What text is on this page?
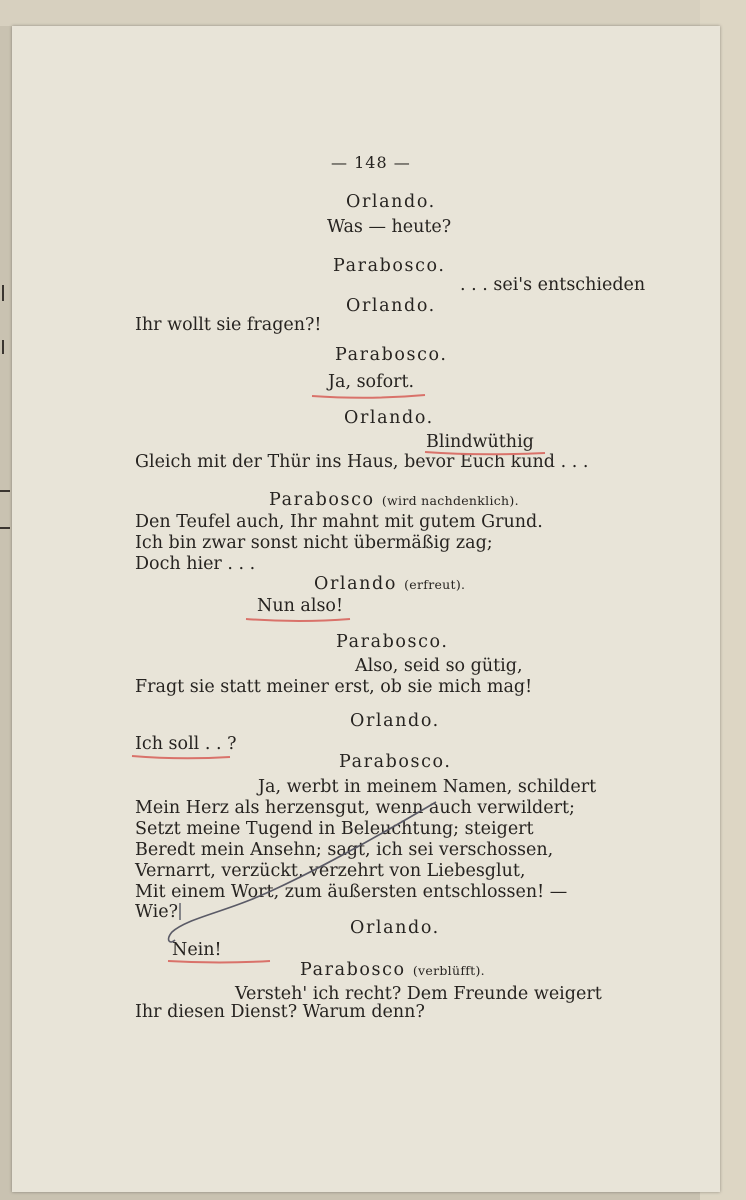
— 148 —
Orlando.
Was — heute?
Parabosco.
. . . sei's entschieden
Orlando.
Ihr wollt sie fragen?!
Parabosco.
Ja, sofort.
Orlando.
Blindwüthig
Gleich mit der Thür ins Haus, bevor Euch kund . . .
Parabosco (wird nachdenklich).
Den Teufel auch, Ihr mahnt mit gutem Grund.
Ich bin zwar sonst nicht übermäßig zag;
Doch hier . . .
Orlando (erfreut).
Nun also!
Parabosco.
Also, seid so gütig,
Fragt sie statt meiner erst, ob sie mich mag!
Orlando.
Ich soll . . ?
Parabosco.
Ja, werbt in meinem Namen, schildert
Mein Herz als herzensgut, wenn auch verwildert;
Setzt meine Tugend in Beleuchtung; steigert
Beredt mein Ansehn; sagt, ich sei verschossen,
Vernarrt, verzückt, verzehrt von Liebesglut,
Mit einem Wort, zum äußersten entschlossen! —
Wie?
Orlando.
Nein!
Parabosco (verblüfft).
Versteh' ich recht? Dem Freunde weigert
Ihr diesen Dienst? Warum denn?
